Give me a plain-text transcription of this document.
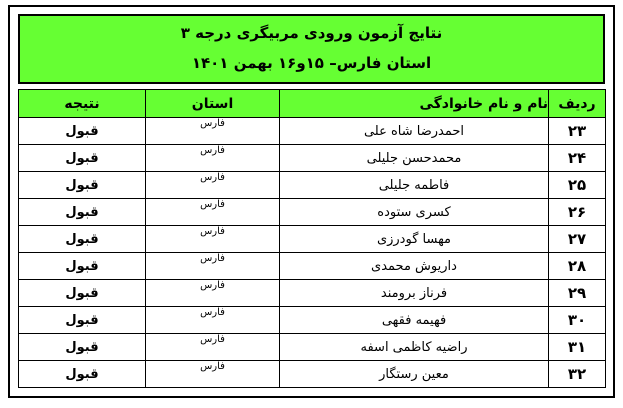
نتایج آزمون ورودی مربیگری درجه ۳
استان فارس– ۱۵و۱۶ بهمن ۱۴۰۱
ردیف	نام و نام خانوادگی	استان	نتیجه
۲۳	احمدرضا شاه علی	فارس	قبول
۲۴	محمدحسن جلیلی	فارس	قبول
۲۵	فاطمه جلیلی	فارس	قبول
۲۶	کسری ستوده	فارس	قبول
۲۷	مهسا گودرزی	فارس	قبول
۲۸	داریوش محمدی	فارس	قبول
۲۹	فرناز برومند	فارس	قبول
۳۰	فهیمه فقهی	فارس	قبول
۳۱	راضیه کاظمی اسفه	فارس	قبول
۳۲	معین رستگار	فارس	قبول
